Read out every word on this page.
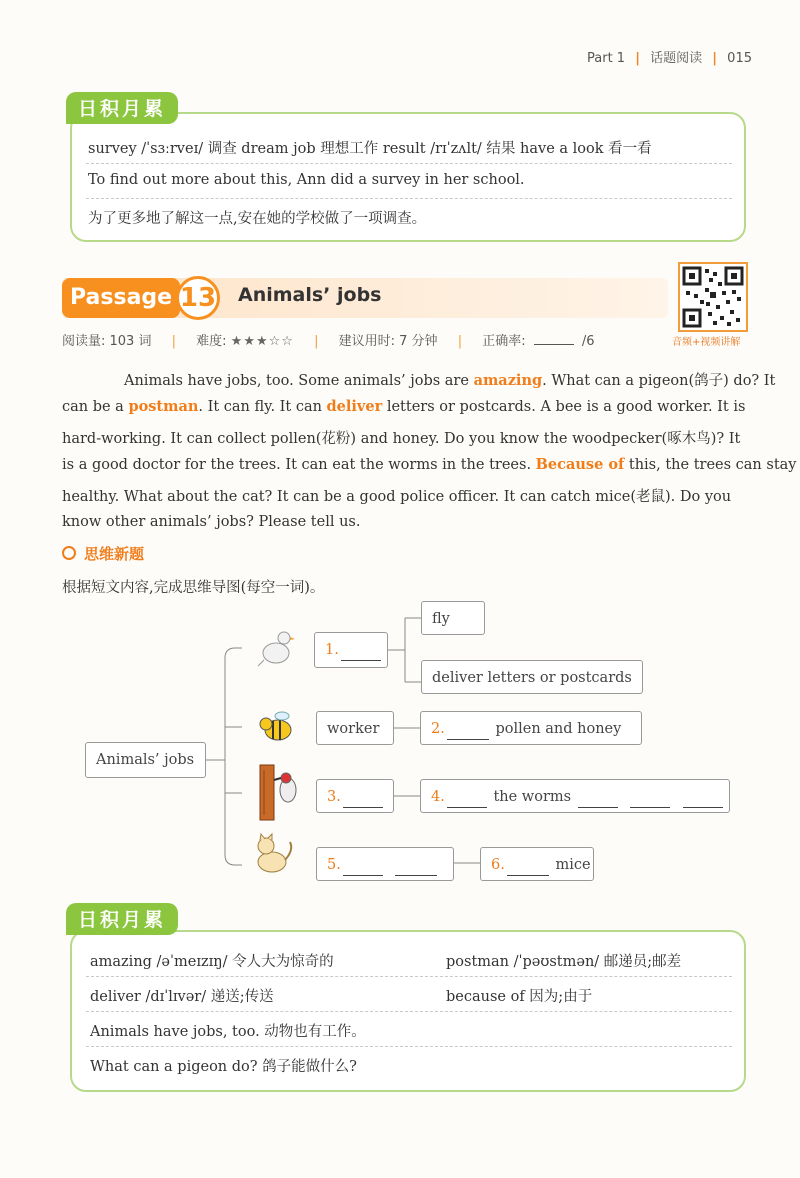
Part 1 | 话题阅读 | 015
日积月累
survey /ˈsɜːrveɪ/ 调查 dream job 理想工作 result /rɪˈzʌlt/ 结果 have a look 看一看
To find out more about this, Ann did a survey in her school.
为了更多地了解这一点,安在她的学校做了一项调查。
Passage 13 Animals’ jobs
音频+视频讲解
阅读量: 103 词 | 难度: ★★★☆☆ | 建议用时: 7 分钟 | 正确率:	/6
Animals have jobs, too. Some animals’ jobs are amazing. What can a pigeon(鸽子) do? It
can be a postman. It can fly. It can deliver letters or postcards. A bee is a good worker. It is
hard-working. It can collect pollen(花粉) and honey. Do you know the woodpecker(啄木鸟)? It
is a good doctor for the trees. It can eat the worms in the trees. Because of this, the trees can stay
healthy. What about the cat? It can be a good police officer. It can catch mice(老鼠). Do you
know other animals’ jobs? Please tell us.
思维新题
根据短文内容,完成思维导图(每空一词)。
Animals’ jobs
1.
fly
deliver letters or postcards
worker	2.	pollen and honey
3.	4.	the worms
5.	6.	mice
日积月累
amazing /əˈmeɪzɪŋ/ 令人大为惊奇的	postman /ˈpəʊstmən/ 邮递员;邮差
deliver /dɪˈlɪvər/ 递送;传送	because of 因为;由于
Animals have jobs, too. 动物也有工作。
What can a pigeon do? 鸽子能做什么?
